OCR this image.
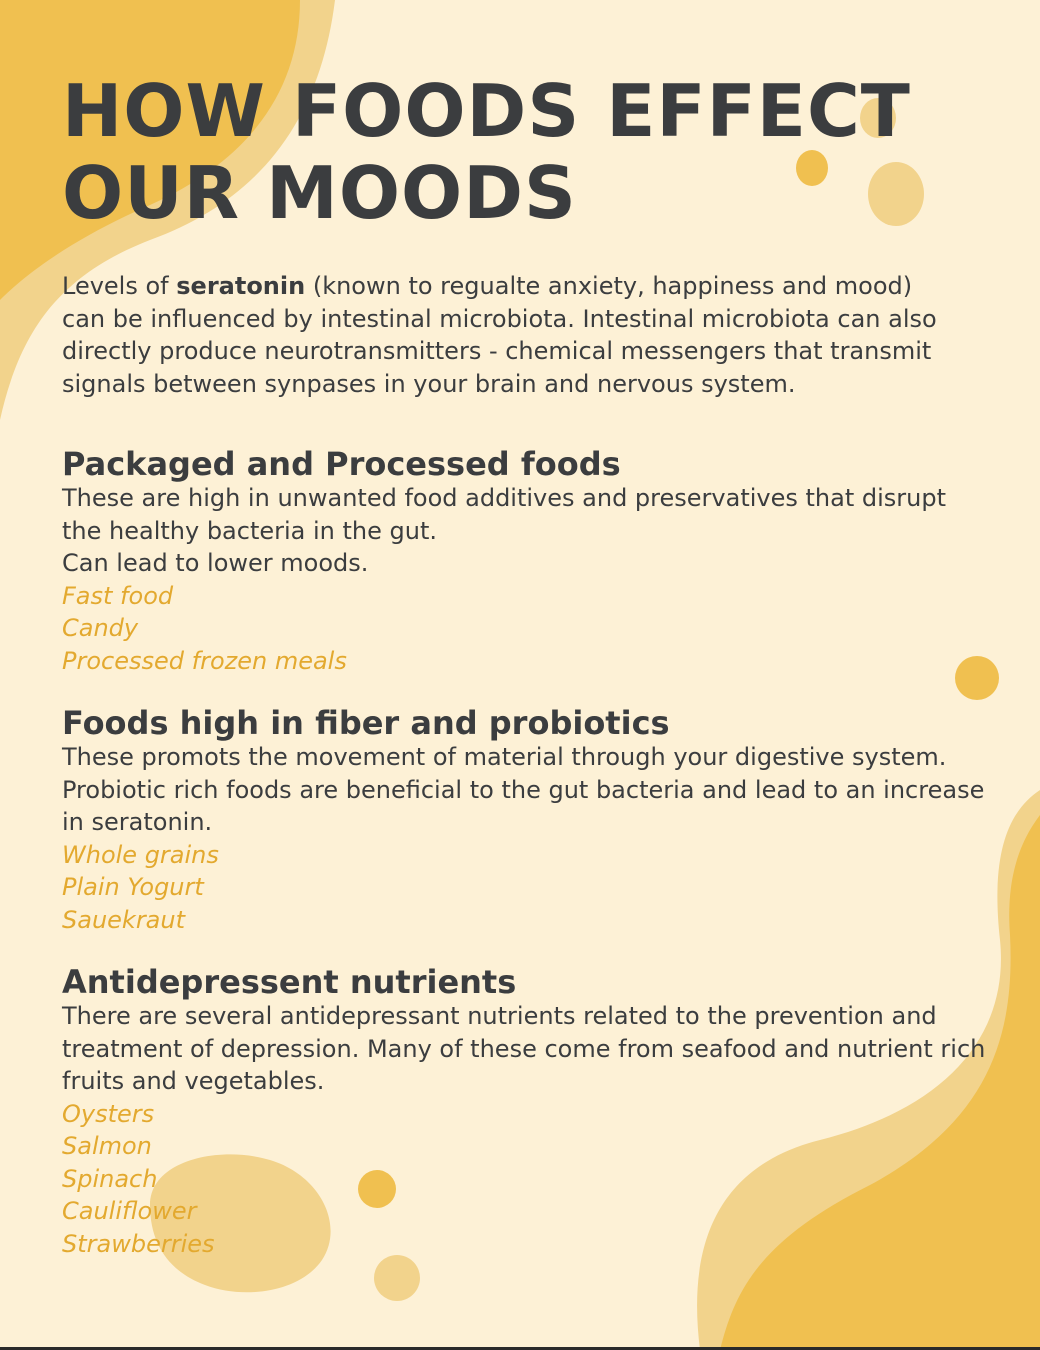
HOW FOODS EFFECT
OUR MOODS

Levels of seratonin (known to regualte anxiety, happiness and mood) can be influenced by intestinal microbiota. Intestinal microbiota can also directly produce neurotransmitters - chemical messengers that transmit signals between synpases in your brain and nervous system.

Packaged and Processed foods

These are high in unwanted food additives and preservatives that disrupt the healthy bacteria in the gut.
Can lead to lower moods.

Fast food
Candy
Processed frozen meals
Foods high in fiber and probiotics

These promots the movement of material through your digestive system. Probiotic rich foods are beneficial to the gut bacteria and lead to an increase in seratonin.

Whole grains
Plain Yogurt
Sauekraut
Antidepressent nutrients

There are several antidepressant nutrients related to the prevention and treatment of depression. Many of these come from seafood and nutrient rich fruits and vegetables.

Oysters
Salmon
Spinach
Cauliflower
Strawberries
